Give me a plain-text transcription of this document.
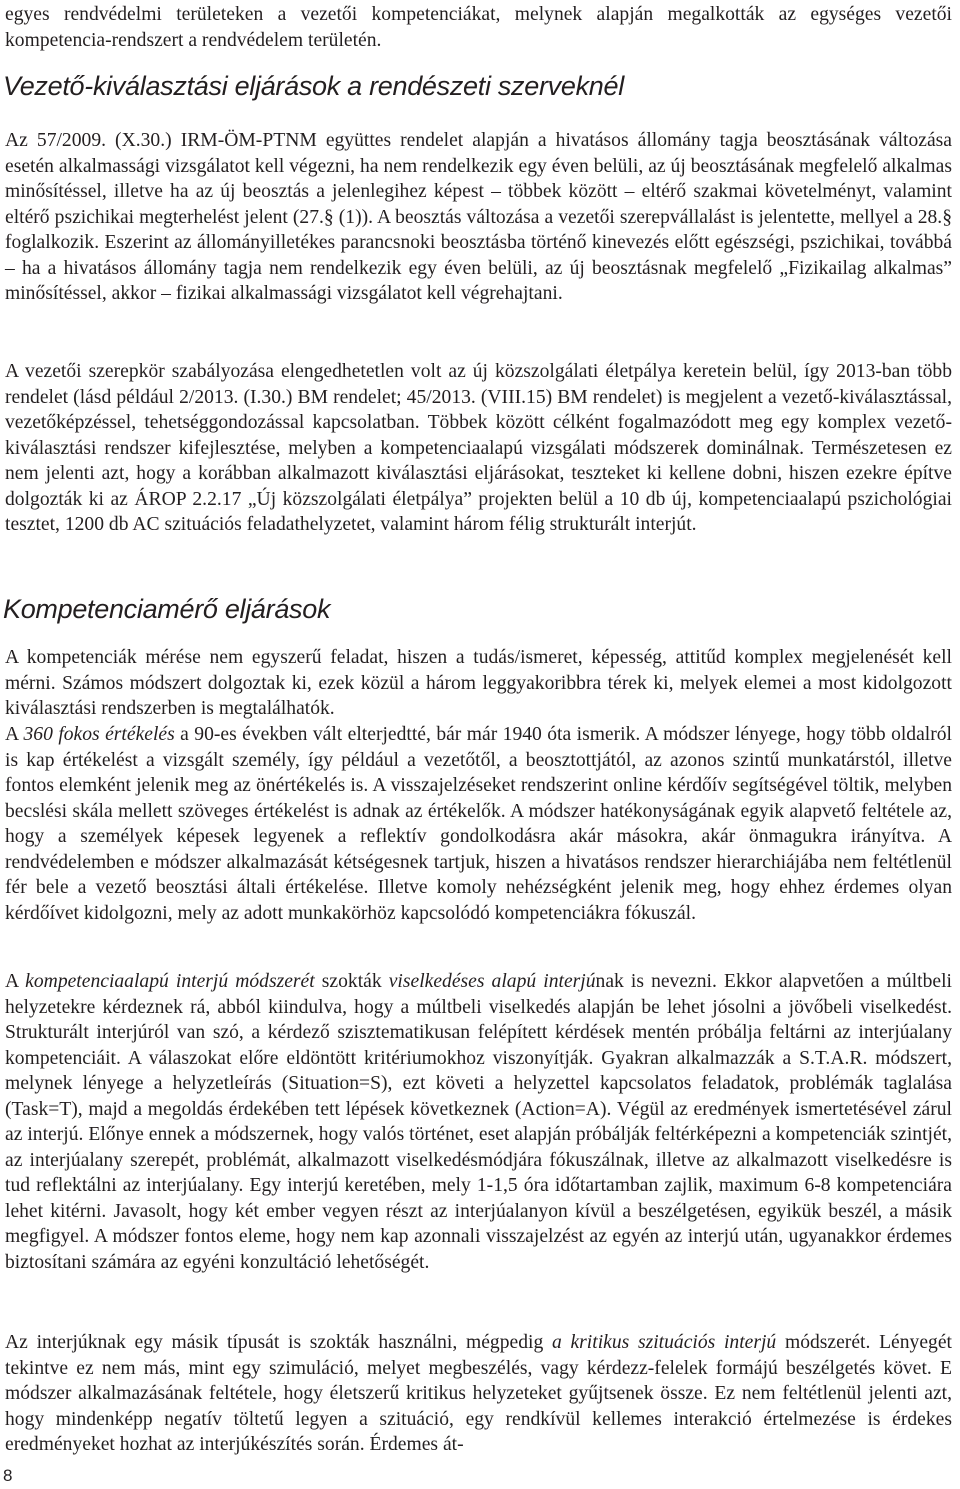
egyes rendvédelmi területeken a vezetői kompetenciákat, melynek alapján megalkották az egységes vezetői kompetencia-rendszert a rendvédelem területén.

Vezető-kiválasztási eljárások a rendészeti szerveknél

Az 57/2009. (X.30.) IRM-ÖM-PTNM együttes rendelet alapján a hivatásos állomány tagja beosztásának változása esetén alkalmassági vizsgálatot kell végezni, ha nem rendelkezik egy éven belüli, az új beosztásának megfelelő alkalmas minősítéssel, illetve ha az új beosztás a jelenlegihez képest – többek között – eltérő szakmai követelményt, valamint eltérő pszichikai megterhelést jelent (27.§ (1)). A beosztás változása a vezetői szerepvállalást is jelentette, mellyel a 28.§ foglalkozik. Eszerint az állományilletékes parancsnoki beosztásba történő kinevezés előtt egészségi, pszichikai, továbbá – ha a hivatásos állomány tagja nem rendelkezik egy éven belüli, az új beosztásnak megfelelő „Fizikailag alkalmas” minősítéssel, akkor – fizikai alkalmassági vizsgálatot kell végrehajtani.

A vezetői szerepkör szabályozása elengedhetetlen volt az új közszolgálati életpálya keretein belül, így 2013-ban több rendelet (lásd például 2/2013. (I.30.) BM rendelet; 45/2013. (VIII.15) BM rendelet) is megjelent a vezető-kiválasztással, vezetőképzéssel, tehetséggondozással kapcsolatban. Többek között célként fogalmazódott meg egy komplex vezető-kiválasztási rendszer kifejlesztése, melyben a kompetenciaalapú vizsgálati módszerek dominálnak. Természetesen ez nem jelenti azt, hogy a korábban alkalmazott kiválasztási eljárásokat, teszteket ki kellene dobni, hiszen ezekre építve dolgozták ki az ÁROP 2.2.17 „Új közszolgálati életpálya” projekten belül a 10 db új, kompetenciaalapú pszichológiai tesztet, 1200 db AC szituációs feladathelyzetet, valamint három félig strukturált interjút.

Kompetenciamérő eljárások

A kompetenciák mérése nem egyszerű feladat, hiszen a tudás/ismeret, képesség, attitűd komplex megjelenését kell mérni. Számos módszert dolgoztak ki, ezek közül a három leggyakoribbra térek ki, melyek elemei a most kidolgozott kiválasztási rendszerben is megtalálhatók.

A 360 fokos értékelés a 90-es években vált elterjedtté, bár már 1940 óta ismerik. A módszer lényege, hogy több oldalról is kap értékelést a vizsgált személy, így például a vezetőtől, a beosztottjától, az azonos szintű munkatárstól, illetve fontos elemként jelenik meg az önértékelés is. A visszajelzéseket rendszerint online kérdőív segítségével töltik, melyben becslési skála mellett szöveges értékelést is adnak az értékelők. A módszer hatékonyságának egyik alapvető feltétele az, hogy a személyek képesek legyenek a reflektív gondolkodásra akár másokra, akár önmagukra irányítva. A rendvédelemben e módszer alkalmazását kétségesnek tartjuk, hiszen a hivatásos rendszer hierarchiájába nem feltétlenül fér bele a vezető beosztási általi értékelése. Illetve komoly nehézségként jelenik meg, hogy ehhez érdemes olyan kérdőívet kidolgozni, mely az adott munkakörhöz kapcsolódó kompetenciákra fókuszál.

A kompetenciaalapú interjú módszerét szokták viselkedéses alapú interjúnak is nevezni. Ekkor alapvetően a múltbeli helyzetekre kérdeznek rá, abból kiindulva, hogy a múltbeli viselkedés alapján be lehet jósolni a jövőbeli viselkedést. Strukturált interjúról van szó, a kérdező szisztematikusan felépített kérdések mentén próbálja feltárni az interjúalany kompetenciáit. A válaszokat előre eldöntött kritériumokhoz viszonyítják. Gyakran alkalmazzák a S.T.A.R. módszert, melynek lényege a helyzetleírás (Situation=S), ezt követi a helyzettel kapcsolatos feladatok, problémák taglalása (Task=T), majd a megoldás érdekében tett lépések következnek (Action=A). Végül az eredmények ismertetésével zárul az interjú. Előnye ennek a módszernek, hogy valós történet, eset alapján próbálják feltérképezni a kompetenciák szintjét, az interjúalany szerepét, problémát, alkalmazott viselkedésmódjára fókuszálnak, illetve az alkalmazott viselkedésre is tud reflektálni az interjúalany. Egy interjú keretében, mely 1-1,5 óra időtartamban zajlik, maximum 6-8 kompetenciára lehet kitérni. Javasolt, hogy két ember vegyen részt az interjúalanyon kívül a beszélgetésen, egyikük beszél, a másik megfigyel. A módszer fontos eleme, hogy nem kap azonnali visszajelzést az egyén az interjú után, ugyanakkor érdemes biztosítani számára az egyéni konzultáció lehetőségét.

Az interjúknak egy másik típusát is szokták használni, mégpedig a kritikus szituációs interjú módszerét. Lényegét tekintve ez nem más, mint egy szimuláció, melyet megbeszélés, vagy kérdezz-felelek formájú beszélgetés követ. E módszer alkalmazásának feltétele, hogy életszerű kritikus helyzeteket gyűjtsenek össze. Ez nem feltétlenül jelenti azt, hogy mindenképp negatív töltetű legyen a szituáció, egy rendkívül kellemes interakció értelmezése is érdekes eredményeket hozhat az interjúkészítés során. Érdemes át-

8
